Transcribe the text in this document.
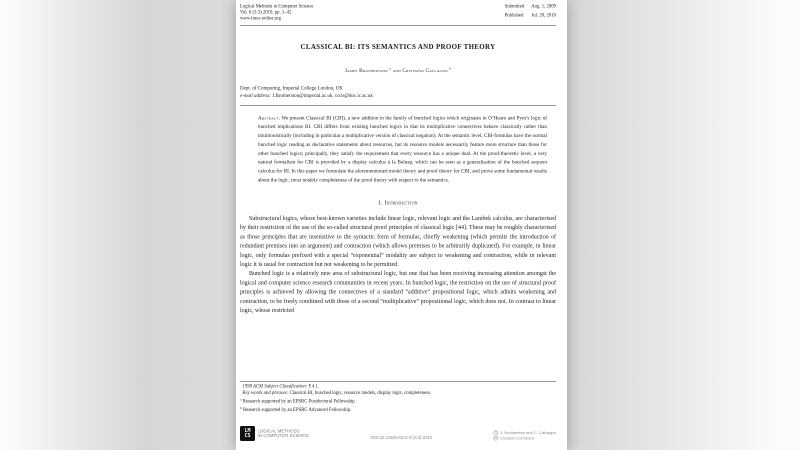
Logical Methods in Computer Science
Vol. 6 (3:3) 2010, pp. 1–42
www.lmcs-online.org
Submitted Aug. 1, 2009
Published Jul. 20, 2010
CLASSICAL BI: ITS SEMANTICS AND PROOF THEORY
James Brotherston $^a$ and Cristiano Calcagno $^b$
Dept. of Computing, Imperial College London, UK
e-mail address: J.Brotherston@imperial.ac.uk, ccris@doc.ic.ac.uk
Abstract. We present Classical BI (CBI), a new addition to the family of bunched logics which originates in O’Hearn and Pym’s logic of bunched implications BI. CBI differs from existing bunched logics in that its multiplicative connectives behave classically rather than intuitionistically (including in particular a multiplicative version of classical negation). At the semantic level, CBI-formulas have the normal bunched logic reading as declarative statements about resources, but its resource models necessarily feature more structure than those for other bunched logics; principally, they satisfy the requirement that every resource has a unique dual. At the proof-theoretic level, a very natural formalism for CBI is provided by a display calculus à la Belnap, which can be seen as a generalisation of the bunched sequent calculus for BI. In this paper we formulate the aforementioned model theory and proof theory for CBI, and prove some fundamental results about the logic, most notably completeness of the proof theory with respect to the semantics.
1. Introduction

Substructural logics, whose best-known varieties include linear logic, relevant logic and the Lambek calculus, are characterised by their restriction of the use of the so-called structural proof principles of classical logic [44]. These may be roughly characterised as those principles that are insensitive to the syntactic form of formulas, chiefly weakening (which permits the introduction of redundant premises into an argument) and contraction (which allows premises to be arbitrarily duplicated). For example, in linear logic, only formulas prefixed with a special “exponential” modality are subject to weakening and contraction, while in relevant logic it is usual for contraction but not weakening to be permitted.

Bunched logic is a relatively new area of substructural logic, but one that has been receiving increasing attention amongst the logical and computer science research communities in recent years. In bunched logic, the restriction on the use of structural proof principles is achieved by allowing the connectives of a standard “additive” propositional logic, which admits weakening and contraction, to be freely combined with those of a second “multiplicative” propositional logic, which does not. In contrast to linear logic, whose restricted

1998 ACM Subject Classification: F.4.1.
Key words and phrases: Classical BI, bunched logic, resource models, display logic, completeness.
$^a$ Research supported by an EPSRC Postdoctoral Fellowship.
$^b$ Research supported by an EPSRC Advanced Fellowship.
LM
CS
LOGICAL METHODS
IN COMPUTER SCIENCE	DOI:10.2168/LMCS-6 (3:3) 2010
© J. Brotherston and C. Calcagno
cc Creative Commons
